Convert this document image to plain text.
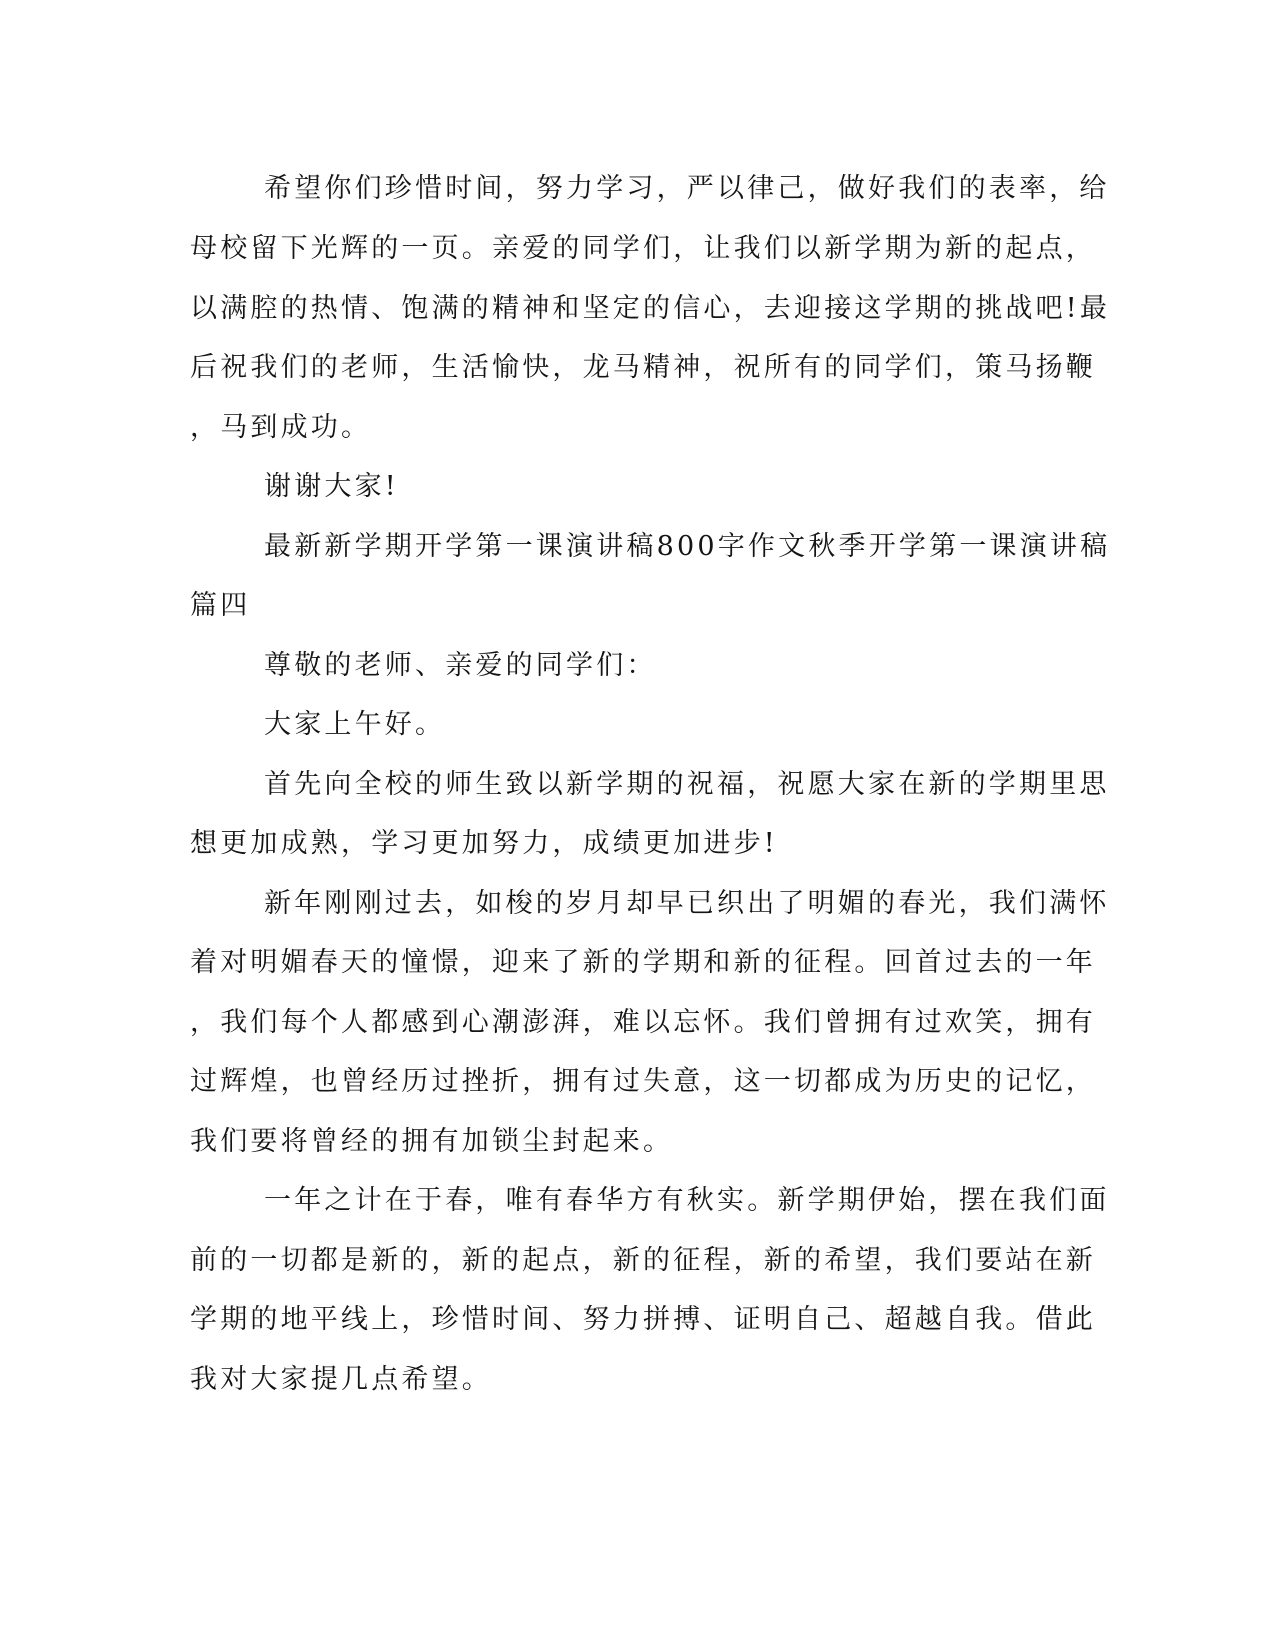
希望你们珍惜时间，努力学习，严以律己，做好我们的表率，给

母校留下光辉的一页。亲爱的同学们，让我们以新学期为新的起点，

以满腔的热情、饱满的精神和坚定的信心，去迎接这学期的挑战吧!最

后祝我们的老师，生活愉快，龙马精神，祝所有的同学们，策马扬鞭

，马到成功。

谢谢大家!

最新新学期开学第一课演讲稿800字作文秋季开学第一课演讲稿

篇四

尊敬的老师、亲爱的同学们：

大家上午好。

首先向全校的师生致以新学期的祝福，祝愿大家在新的学期里思

想更加成熟，学习更加努力，成绩更加进步!

新年刚刚过去，如梭的岁月却早已织出了明媚的春光，我们满怀

着对明媚春天的憧憬，迎来了新的学期和新的征程。回首过去的一年

，我们每个人都感到心潮澎湃，难以忘怀。我们曾拥有过欢笑，拥有

过辉煌，也曾经历过挫折，拥有过失意，这一切都成为历史的记忆，

我们要将曾经的拥有加锁尘封起来。

一年之计在于春，唯有春华方有秋实。新学期伊始，摆在我们面

前的一切都是新的，新的起点，新的征程，新的希望，我们要站在新

学期的地平线上，珍惜时间、努力拼搏、证明自己、超越自我。借此

我对大家提几点希望。
